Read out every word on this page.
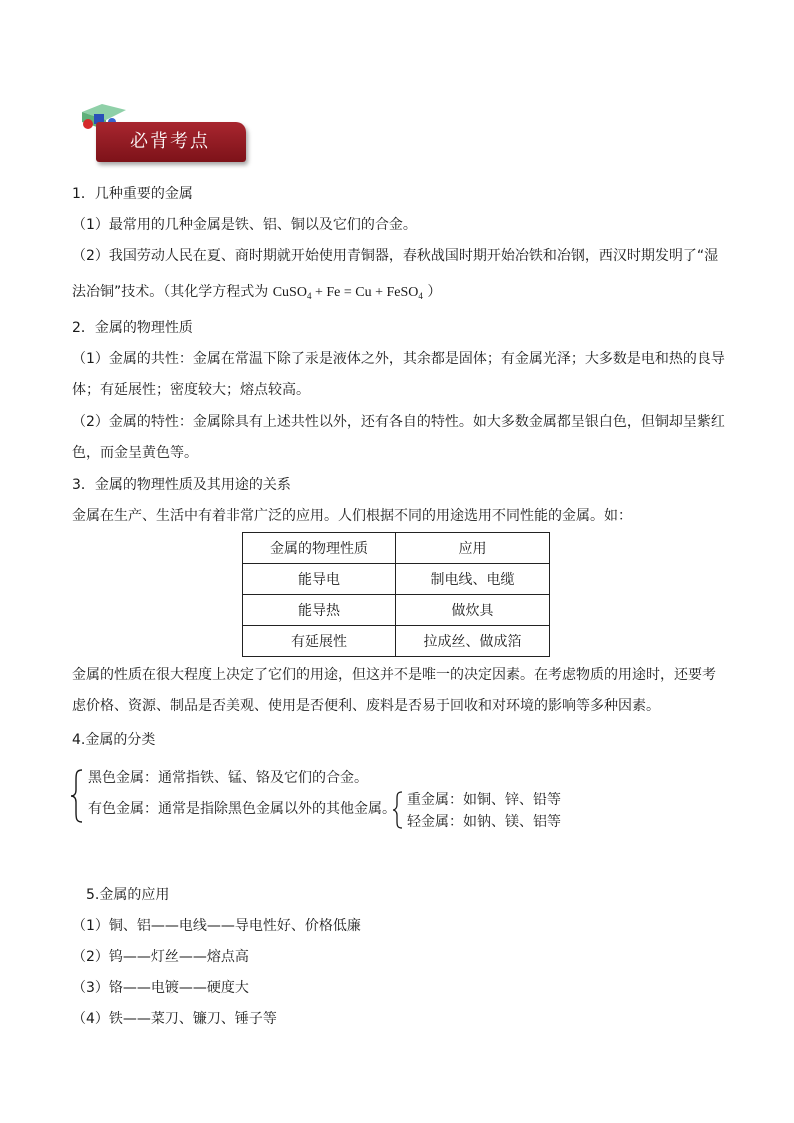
必背考点
1．几种重要的金属
（1）最常用的几种金属是铁、铝、铜以及它们的合金。
（2）我国劳动人民在夏、商时期就开始使用青铜器，春秋战国时期开始冶铁和冶钢，西汉时期发明了“湿
法冶铜”技术。（其化学方程式为 CuSO$_4$ + Fe = Cu + FeSO$_4$ ）
2．金属的物理性质
（1）金属的共性：金属在常温下除了汞是液体之外，其余都是固体；有金属光泽；大多数是电和热的良导
体；有延展性；密度较大；熔点较高。
（2）金属的特性：金属除具有上述共性以外，还有各自的特性。如大多数金属都呈银白色，但铜却呈紫红
色，而金呈黄色等。
3．金属的物理性质及其用途的关系
金属在生产、生活中有着非常广泛的应用。人们根据不同的用途选用不同性能的金属。如：
金属的物理性质	应用
能导电	制电线、电缆
能导热	做炊具
有延展性	拉成丝、做成箔
金属的性质在很大程度上决定了它们的用途，但这并不是唯一的决定因素。在考虑物质的用途时，还要考
虑价格、资源、制品是否美观、使用是否便利、废料是否易于回收和对环境的影响等多种因素。
4.金属的分类
黑色金属：通常指铁、锰、铬及它们的合金。
有色金属：通常是指除黑色金属以外的其他金属。
重金属：如铜、锌、铅等
轻金属：如钠、镁、铝等
5.金属的应用
（1）铜、铝——电线——导电性好、价格低廉
（2）钨——灯丝——熔点高
（3）铬——电镀——硬度大
（4）铁——菜刀、镰刀、锤子等
